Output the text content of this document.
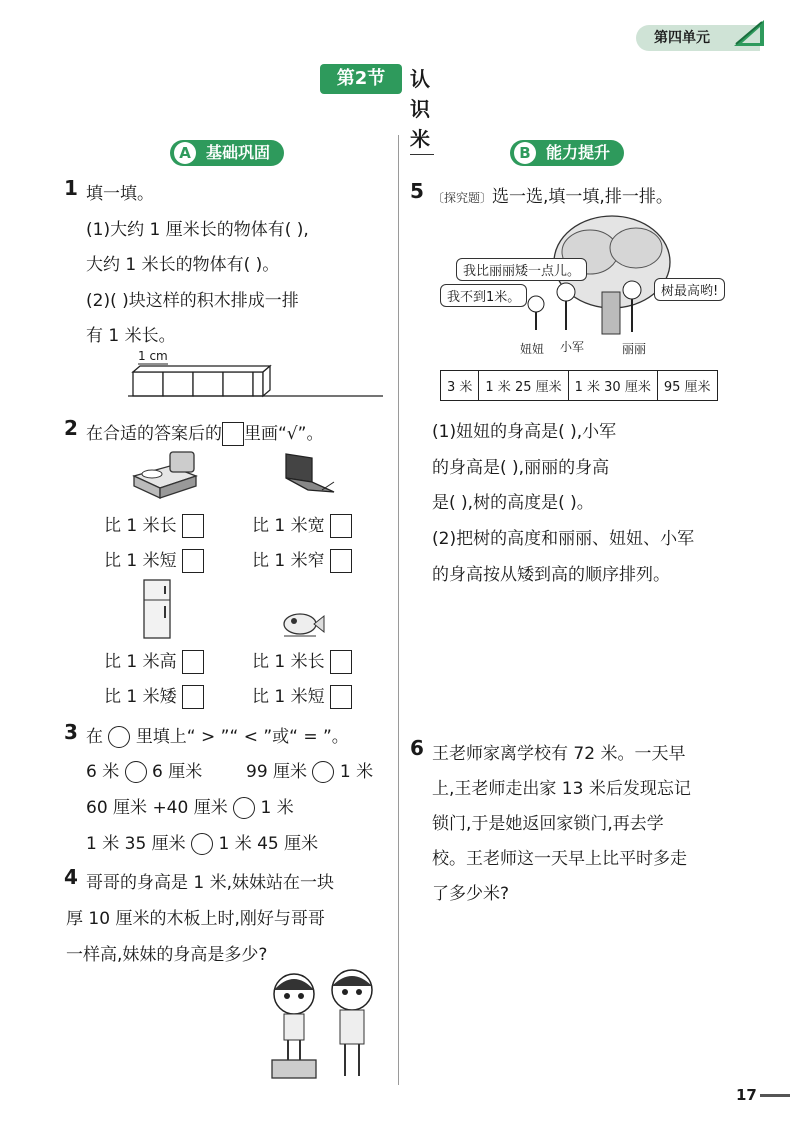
第四单元
第2节	认识米
A 基础巩固
1 填一填。
(1)大约 1 厘米长的物体有( ),
大约 1 米长的物体有( )。
(2)( )块这样的积木排成一排
有 1 米长。
1 cm
2 在合适的答案后的 里画“√”。
比 1 米长	比 1 米宽
比 1 米短	比 1 米窄
比 1 米高	比 1 米长
比 1 米矮	比 1 米短
3 在 里填上“ > ”“ < ”或“ = ”。
6 米 6 厘米	99 厘米 1 米
60 厘米 +40 厘米 1 米
1 米 35 厘米 1 米 45 厘米
4 哥哥的身高是 1 米,妹妹站在一块
厚 10 厘米的木板上时,刚好与哥哥
一样高,妹妹的身高是多少?
B 能力提升
5 〔探究题〕选一选,填一填,排一排。
我比丽丽矮一点儿。
我不到1米。	树最高哟!
妞妞 小军	丽丽
3 米	1 米 25 厘米	1 米 30 厘米	95 厘米
(1)妞妞的身高是( ),小军
的身高是( ),丽丽的身高
是( ),树的高度是( )。
(2)把树的高度和丽丽、妞妞、小军
的身高按从矮到高的顺序排列。
6 王老师家离学校有 72 米。一天早
上,王老师走出家 13 米后发现忘记
锁门,于是她返回家锁门,再去学
校。王老师这一天早上比平时多走
了多少米?
17
